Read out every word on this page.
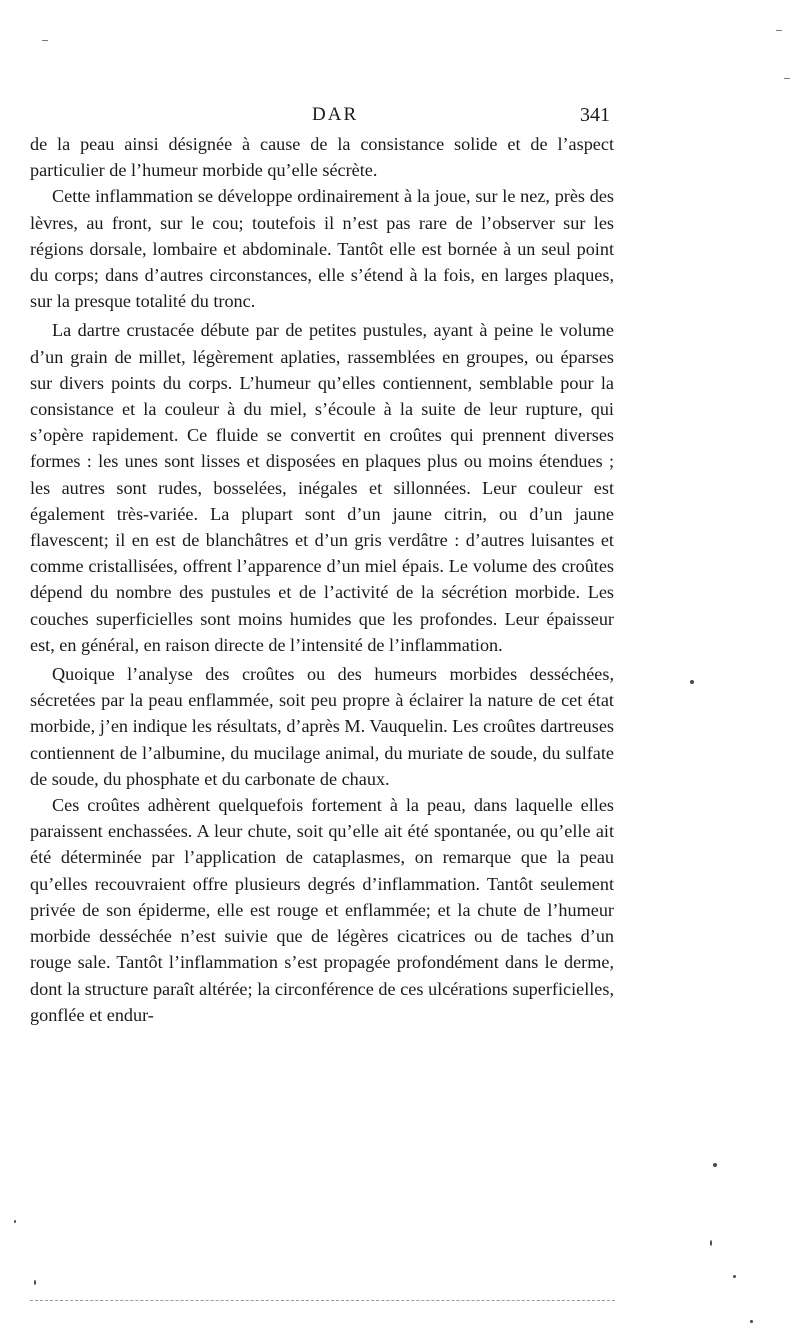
DAR	341

de la peau ainsi désignée à cause de la consistance solide et de l’aspect particulier de l’humeur morbide qu’elle sécrète.

Cette inflammation se développe ordinairement à la joue, sur le nez, près des lèvres, au front, sur le cou; toutefois il n’est pas rare de l’observer sur les régions dorsale, lombaire et abdominale. Tantôt elle est bornée à un seul point du corps; dans d’autres circonstances, elle s’étend à la fois, en larges plaques, sur la presque totalité du tronc.

La dartre crustacée débute par de petites pustules, ayant à peine le volume d’un grain de millet, légèrement aplaties, rassemblées en groupes, ou éparses sur divers points du corps. L’humeur qu’elles contiennent, semblable pour la consistance et la couleur à du miel, s’écoule à la suite de leur rupture, qui s’opère rapidement. Ce fluide se convertit en croûtes qui prennent diverses formes : les unes sont lisses et disposées en plaques plus ou moins étendues ; les autres sont rudes, bosselées, inégales et sillonnées. Leur couleur est également très-variée. La plupart sont d’un jaune citrin, ou d’un jaune flavescent; il en est de blanchâtres et d’un gris verdâtre : d’autres luisantes et comme cristallisées, offrent l’apparence d’un miel épais. Le volume des croûtes dépend du nombre des pustules et de l’activité de la sécrétion morbide. Les couches superficielles sont moins humides que les profondes. Leur épaisseur est, en général, en raison directe de l’intensité de l’inflammation.

Quoique l’analyse des croûtes ou des humeurs morbides desséchées, sécretées par la peau enflammée, soit peu propre à éclairer la nature de cet état morbide, j’en indique les résultats, d’après M. Vauquelin. Les croûtes dartreuses contiennent de l’albumine, du mucilage animal, du muriate de soude, du sulfate de soude, du phosphate et du carbonate de chaux.

Ces croûtes adhèrent quelquefois fortement à la peau, dans laquelle elles paraissent enchassées. A leur chute, soit qu’elle ait été spontanée, ou qu’elle ait été déterminée par l’application de cataplasmes, on remarque que la peau qu’elles recouvraient offre plusieurs degrés d’inflammation. Tantôt seulement privée de son épiderme, elle est rouge et enflammée; et la chute de l’humeur morbide desséchée n’est suivie que de légères cicatrices ou de taches d’un rouge sale. Tantôt l’inflammation s’est propagée profondément dans le derme, dont la structure paraît altérée; la circonférence de ces ulcérations superficielles, gonflée et endur-
